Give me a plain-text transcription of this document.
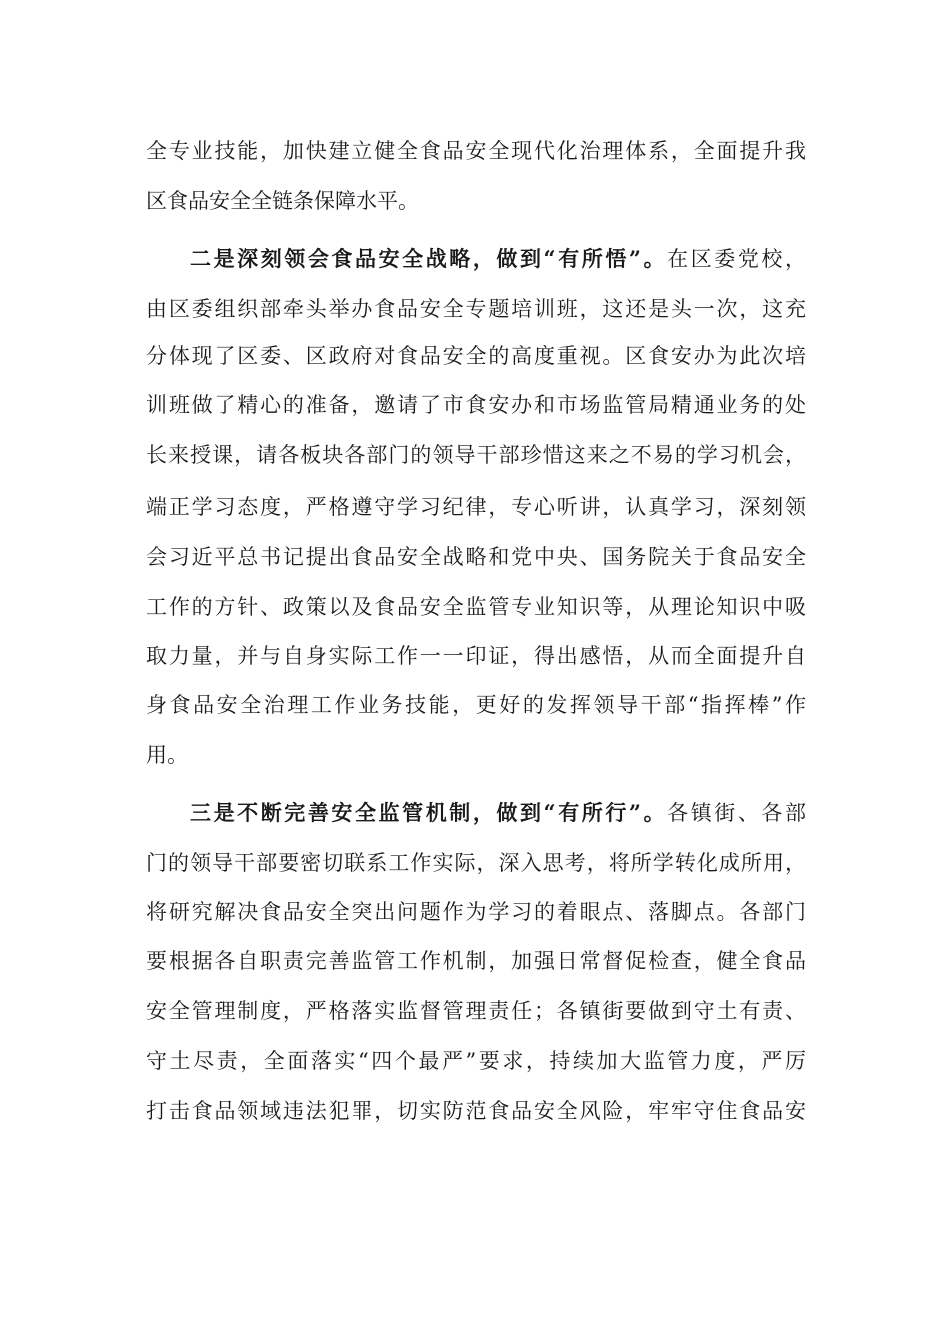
全专业技能，加快建立健全食品安全现代化治理体系，全面提升我
区食品安全全链条保障水平。
二是深刻领会食品安全战略，做到“有所悟”。在区委党校，
由区委组织部牵头举办食品安全专题培训班，这还是头一次，这充
分体现了区委、区政府对食品安全的高度重视。区食安办为此次培
训班做了精心的准备，邀请了市食安办和市场监管局精通业务的处
长来授课，请各板块各部门的领导干部珍惜这来之不易的学习机会，
端正学习态度，严格遵守学习纪律，专心听讲，认真学习，深刻领
会习近平总书记提出食品安全战略和党中央、国务院关于食品安全
工作的方针、政策以及食品安全监管专业知识等，从理论知识中吸
取力量，并与自身实际工作一一印证，得出感悟，从而全面提升自
身食品安全治理工作业务技能，更好的发挥领导干部“指挥棒”作
用。
三是不断完善安全监管机制，做到“有所行”。各镇街、各部
门的领导干部要密切联系工作实际，深入思考，将所学转化成所用，
将研究解决食品安全突出问题作为学习的着眼点、落脚点。各部门
要根据各自职责完善监管工作机制，加强日常督促检查，健全食品
安全管理制度，严格落实监督管理责任；各镇街要做到守土有责、
守土尽责，全面落实“四个最严”要求，持续加大监管力度，严厉
打击食品领域违法犯罪，切实防范食品安全风险，牢牢守住食品安
